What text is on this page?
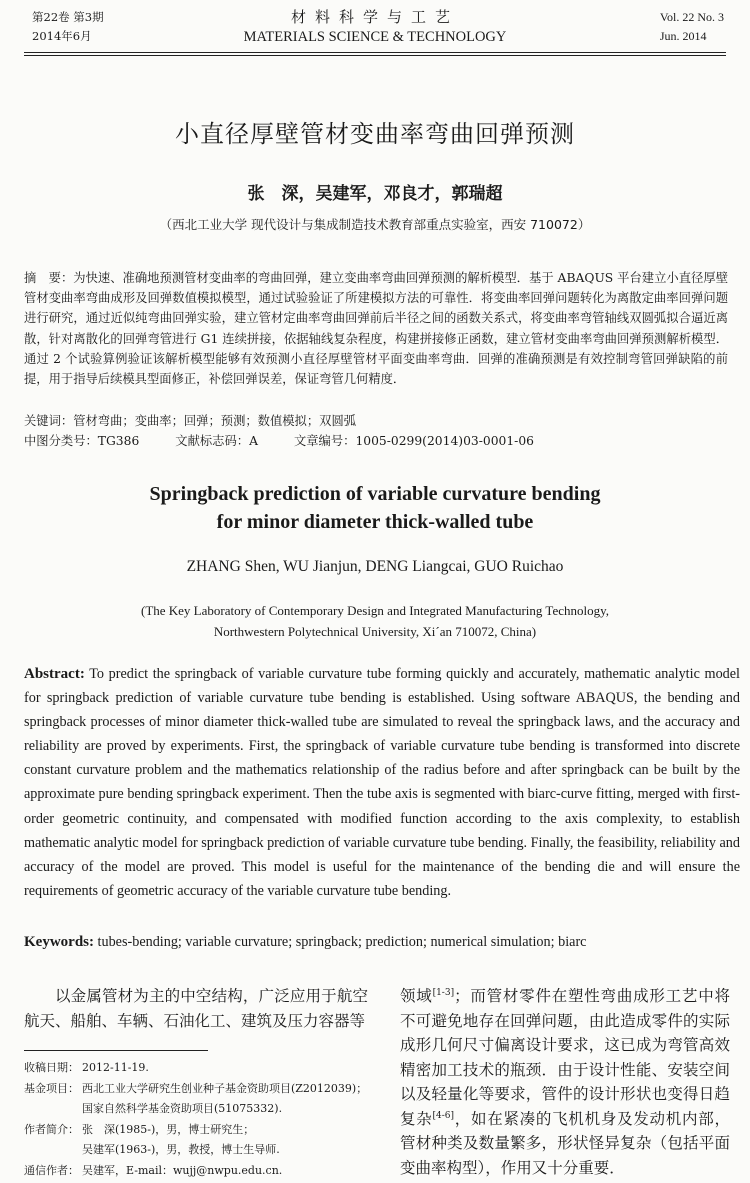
第22卷 第3期
2014年6月
材料科学与工艺
MATERIALS SCIENCE & TECHNOLOGY
Vol. 22 No. 3
Jun. 2014
小直径厚壁管材变曲率弯曲回弹预测
张　深，吴建军，邓良才，郭瑞超
（西北工业大学 现代设计与集成制造技术教育部重点实验室，西安 710072）
摘　要：为快速、准确地预测管材变曲率的弯曲回弹，建立变曲率弯曲回弹预测的解析模型．基于 ABAQUS 平台建立小直径厚壁管材变曲率弯曲成形及回弹数值模拟模型，通过试验验证了所建模拟方法的可靠性．将变曲率回弹问题转化为离散定曲率回弹问题进行研究，通过近似纯弯曲回弹实验，建立管材定曲率弯曲回弹前后半径之间的函数关系式，将变曲率弯管轴线双圆弧拟合逼近离散，针对离散化的回弹弯管进行 G1 连续拼接，依据轴线复杂程度，构建拼接修正函数，建立管材变曲率弯曲回弹预测解析模型．通过 2 个试验算例验证该解析模型能够有效预测小直径厚壁管材平面变曲率弯曲．回弹的准确预测是有效控制弯管回弹缺陷的前提，用于指导后续模具型面修正，补偿回弹误差，保证弯管几何精度．
关键词：管材弯曲；变曲率；回弹；预测；数值模拟；双圆弧
中图分类号：TG386	文献标志码：A	文章编号：1005-0299(2014)03-0001-06
Springback prediction of variable curvature bending
for minor diameter thick-walled tube
ZHANG Shen, WU Jianjun, DENG Liangcai, GUO Ruichao
(The Key Laboratory of Contemporary Design and Integrated Manufacturing Technology,
Northwestern Polytechnical University, Xi´an 710072, China)
Abstract: To predict the springback of variable curvature tube forming quickly and accurately, mathematic analytic model for springback prediction of variable curvature tube bending is established. Using software ABAQUS, the bending and springback processes of minor diameter thick-walled tube are simulated to reveal the springback laws, and the accuracy and reliability are proved by experiments. First, the springback of variable curvature tube bending is transformed into discrete constant curvature problem and the mathematics relationship of the radius before and after springback can be built by the approximate pure bending springback experiment. Then the tube axis is segmented with biarc-curve fitting, merged with first-order geometric continuity, and compensated with modified function according to the axis complexity, to establish mathematic analytic model for springback prediction of variable curvature tube bending. Finally, the feasibility, reliability and accuracy of the model are proved. This model is useful for the maintenance of the bending die and will ensure the requirements of geometric accuracy of the variable curvature tube bending.
Keywords: tubes-bending; variable curvature; springback; prediction; numerical simulation; biarc
以金属管材为主的中空结构，广泛应用于航空航天、船舶、车辆、石油化工、建筑及压力容器等
收稿日期： 2012-11-19.
基金项目： 西北工业大学研究生创业种子基金资助项目(Z2012039)；
国家自然科学基金资助项目(51075332).
作者简介： 张　深(1985-)，男，博士研究生；
吴建军(1963-)，男，教授，博士生导师.
通信作者： 吴建军，E-mail：wujj@nwpu.edu.cn.
领域[1-3]；而管材零件在塑性弯曲成形工艺中将不可避免地存在回弹问题，由此造成零件的实际成形几何尺寸偏离设计要求，这已成为弯管高效精密加工技术的瓶颈．由于设计性能、安装空间以及轻量化等要求，管件的设计形状也变得日趋复杂[4-6]，如在紧凑的飞机机身及发动机内部，管材种类及数量繁多，形状怪异复杂（包括平面变曲率构型），作用又十分重要．
